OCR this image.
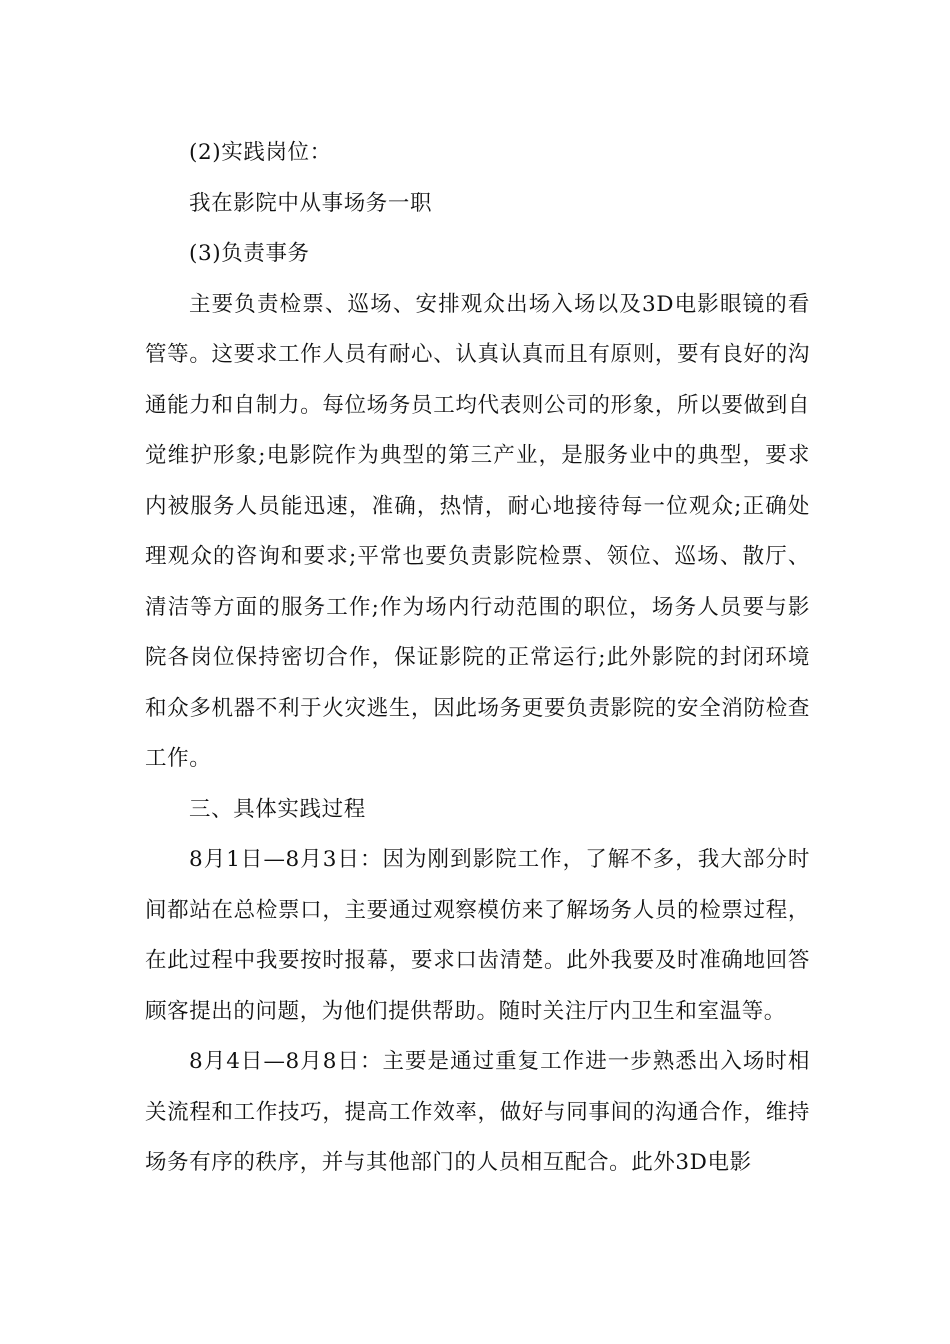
(2)实践岗位：

我在影院中从事场务一职

(3)负责事务

主要负责检票、巡场、安排观众出场入场以及3D电影眼镜的看管等。这要求工作人员有耐心、认真认真而且有原则，要有良好的沟通能力和自制力。每位场务员工均代表则公司的形象，所以要做到自觉维护形象;电影院作为典型的第三产业，是服务业中的典型，要求内被服务人员能迅速，准确，热情，耐心地接待每一位观众;正确处理观众的咨询和要求;平常也要负责影院检票、领位、巡场、散厅、清洁等方面的服务工作;作为场内行动范围的职位，场务人员要与影院各岗位保持密切合作，保证影院的正常运行;此外影院的封闭环境和众多机器不利于火灾逃生，因此场务更要负责影院的安全消防检查工作。

三、具体实践过程

8月1日—8月3日：因为刚到影院工作，了解不多，我大部分时间都站在总检票口，主要通过观察模仿来了解场务人员的检票过程，在此过程中我要按时报幕，要求口齿清楚。此外我要及时准确地回答顾客提出的问题，为他们提供帮助。随时关注厅内卫生和室温等。

8月4日—8月8日：主要是通过重复工作进一步熟悉出入场时相关流程和工作技巧，提高工作效率，做好与同事间的沟通合作，维持场务有序的秩序，并与其他部门的人员相互配合。此外3D电影
